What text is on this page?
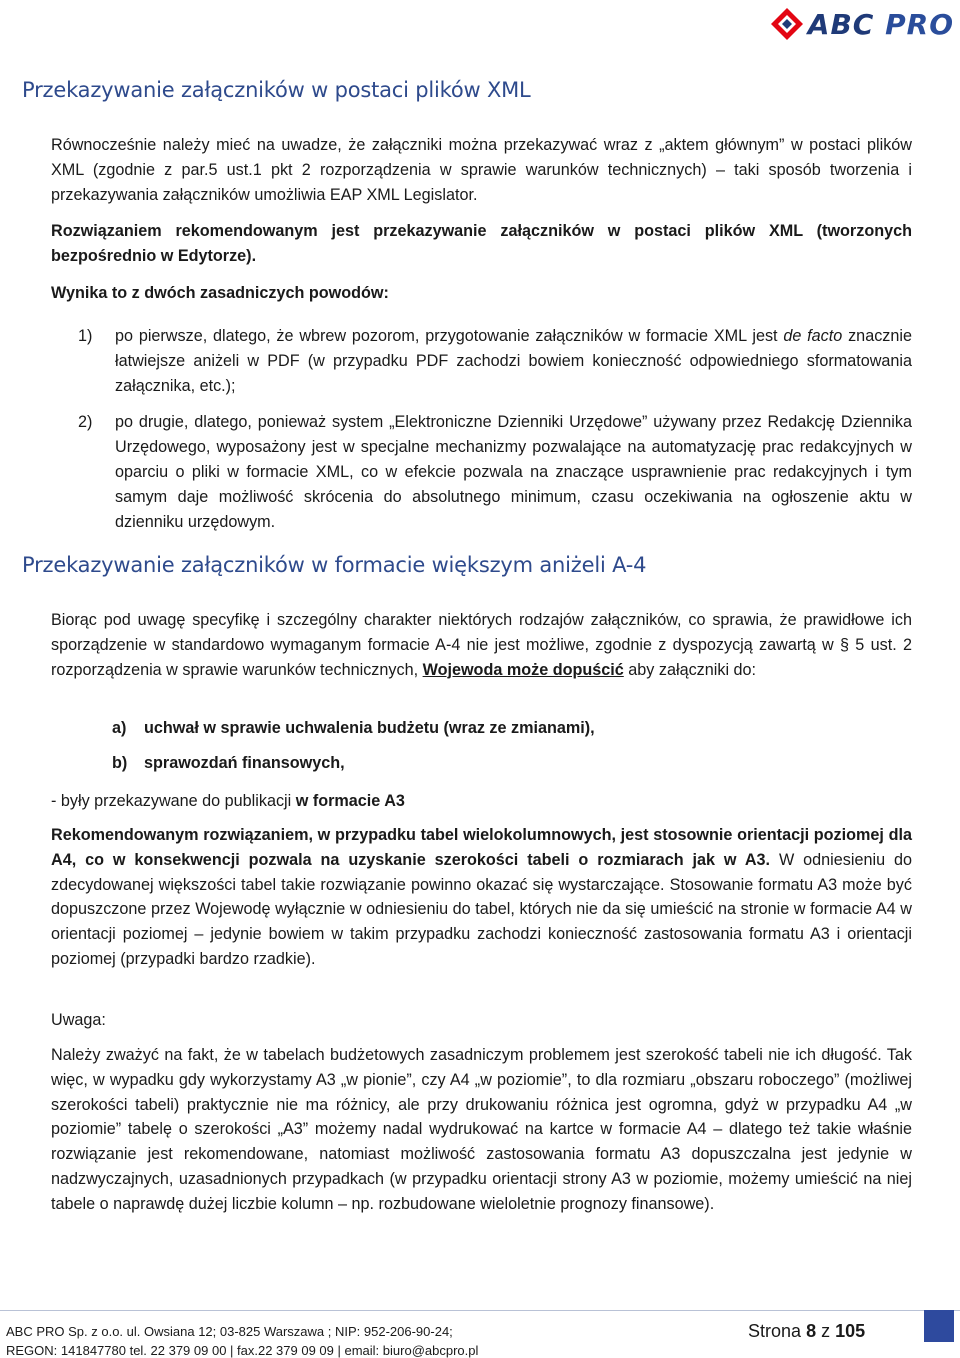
ABC PRO
Przekazywanie załączników w postaci plików XML

Równocześnie należy mieć na uwadze, że załączniki można przekazywać wraz z „aktem głównym” w postaci plików XML (zgodnie z par.5 ust.1 pkt 2 rozporządzenia w sprawie warunków technicznych) – taki sposób tworzenia i przekazywania załączników umożliwia EAP XML Legislator.

Rozwiązaniem rekomendowanym jest przekazywanie załączników w postaci plików XML (tworzonych bezpośrednio w Edytorze).

Wynika to z dwóch zasadniczych powodów:

1) po pierwsze, dlatego, że wbrew pozorom, przygotowanie załączników w formacie XML jest de facto znacznie łatwiejsze aniżeli w PDF (w przypadku PDF zachodzi bowiem konieczność odpowiedniego sformatowania załącznika, etc.);
2) po drugie, dlatego, ponieważ system „Elektroniczne Dzienniki Urzędowe” używany przez Redakcję Dziennika Urzędowego, wyposażony jest w specjalne mechanizmy pozwalające na automatyzację prac redakcyjnych w oparciu o pliki w formacie XML, co w efekcie pozwala na znaczące usprawnienie prac redakcyjnych i tym samym daje możliwość skrócenia do absolutnego minimum, czasu oczekiwania na ogłoszenie aktu w dzienniku urzędowym.
Przekazywanie załączników w formacie większym aniżeli A-4

Biorąc pod uwagę specyfikę i szczególny charakter niektórych rodzajów załączników, co sprawia, że prawidłowe ich sporządzenie w standardowo wymaganym formacie A-4 nie jest możliwe, zgodnie z dyspozycją zawartą w § 5 ust. 2 rozporządzenia w sprawie warunków technicznych, Wojewoda może dopuścić aby załączniki do:

a) uchwał w sprawie uchwalenia budżetu (wraz ze zmianami),
b) sprawozdań finansowych,

- były przekazywane do publikacji w formacie A3

Rekomendowanym rozwiązaniem, w przypadku tabel wielokolumnowych, jest stosownie orientacji poziomej dla A4, co w konsekwencji pozwala na uzyskanie szerokości tabeli o rozmiarach jak w A3. W odniesieniu do zdecydowanej większości tabel takie rozwiązanie powinno okazać się wystarczające. Stosowanie formatu A3 może być dopuszczone przez Wojewodę wyłącznie w odniesieniu do tabel, których nie da się umieścić na stronie w formacie A4 w orientacji poziomej – jedynie bowiem w takim przypadku zachodzi konieczność zastosowania formatu A3 i orientacji poziomej (przypadki bardzo rzadkie).

Uwaga:

Należy zważyć na fakt, że w tabelach budżetowych zasadniczym problemem jest szerokość tabeli nie ich długość. Tak więc, w wypadku gdy wykorzystamy A3 „w pionie”, czy A4 „w poziomie”, to dla rozmiaru „obszaru roboczego” (możliwej szerokości tabeli) praktycznie nie ma różnicy, ale przy drukowaniu różnica jest ogromna, gdyż w przypadku A4 „w poziomie” tabelę o szerokości „A3” możemy nadal wydrukować na kartce w formacie A4 – dlatego też takie właśnie rozwiązanie jest rekomendowane, natomiast możliwość zastosowania formatu A3 dopuszczalna jest jedynie w nadzwyczajnych, uzasadnionych przypadkach (w przypadku orientacji strony A3 w poziomie, możemy umieścić na niej tabele o naprawdę dużej liczbie kolumn – np. rozbudowane wieloletnie prognozy finansowe).

ABC PRO Sp. z o.o. ul. Owsiana 12; 03-825 Warszawa ; NIP: 952-206-90-24;
REGON: 141847780 tel. 22 379 09 00 | fax.22 379 09 09 | email: biuro@abcpro.pl
Strona 8 z 105
